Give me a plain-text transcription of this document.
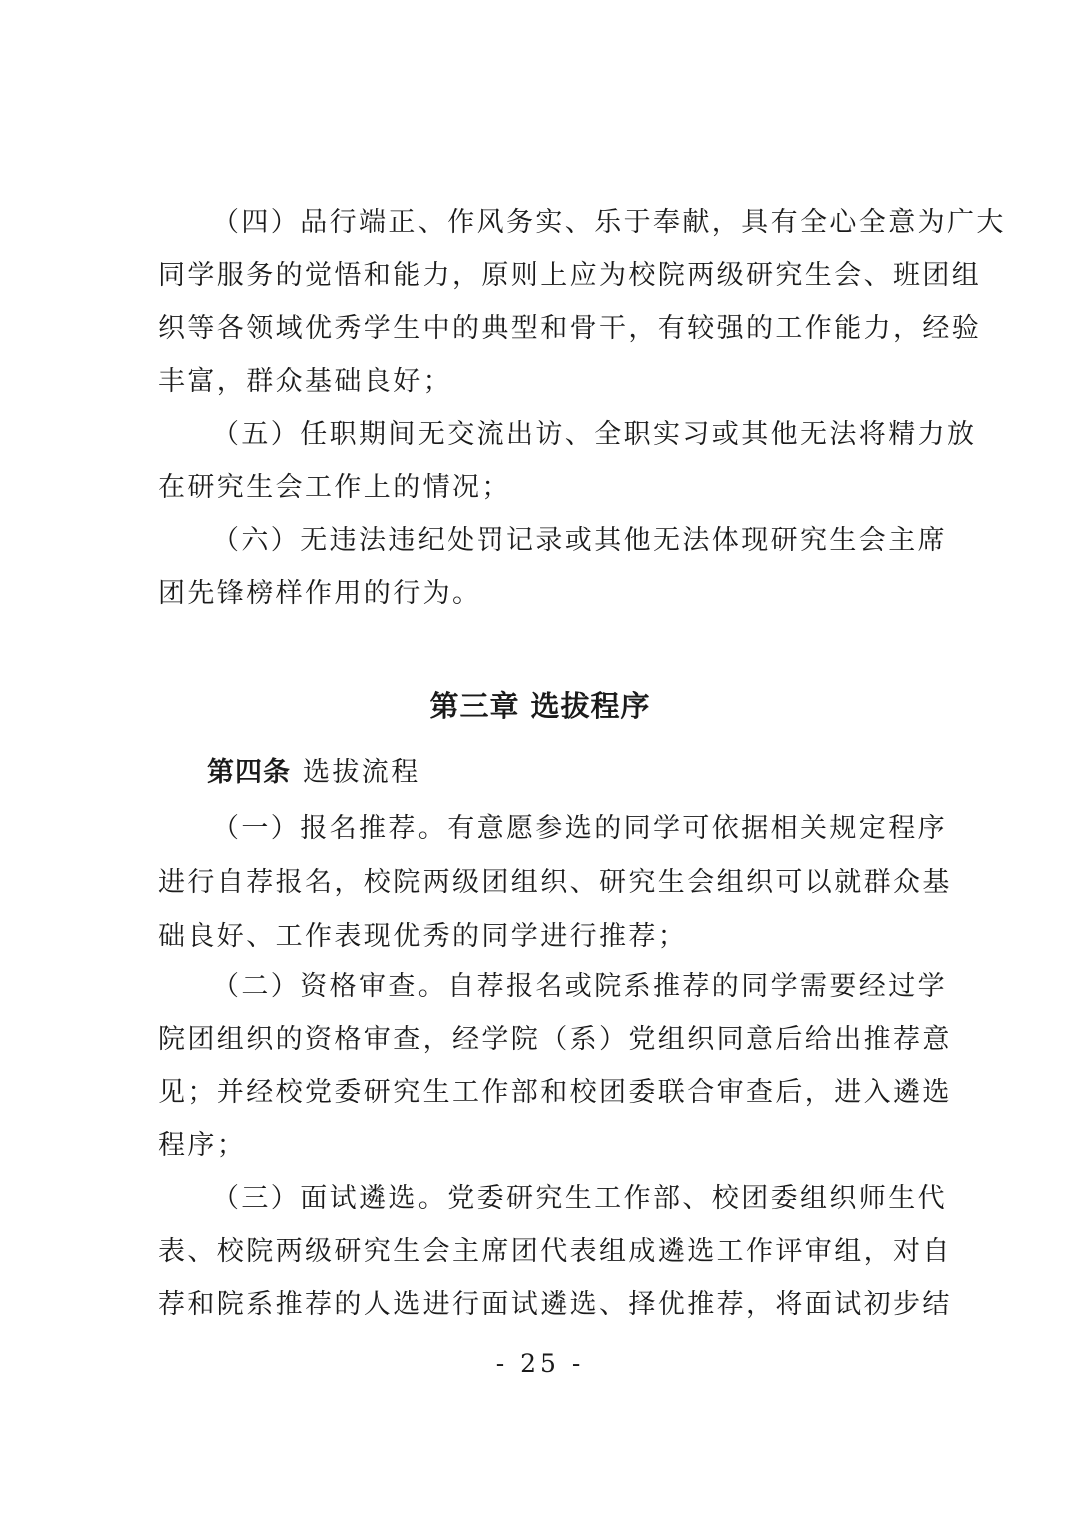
（四）品行端正、作风务实、乐于奉献，具有全心全意为广大
同学服务的觉悟和能力，原则上应为校院两级研究生会、班团组
织等各领域优秀学生中的典型和骨干，有较强的工作能力，经验
丰富，群众基础良好；
（五）任职期间无交流出访、全职实习或其他无法将精力放
在研究生会工作上的情况；
（六）无违法违纪处罚记录或其他无法体现研究生会主席
团先锋榜样作用的行为。
第三章 选拔程序
第四条 选拔流程
（一）报名推荐。有意愿参选的同学可依据相关规定程序
进行自荐报名，校院两级团组织、研究生会组织可以就群众基
础良好、工作表现优秀的同学进行推荐；
（二）资格审查。自荐报名或院系推荐的同学需要经过学
院团组织的资格审查，经学院（系）党组织同意后给出推荐意
见；并经校党委研究生工作部和校团委联合审查后，进入遴选
程序；
（三）面试遴选。党委研究生工作部、校团委组织师生代
表、校院两级研究生会主席团代表组成遴选工作评审组，对自
荐和院系推荐的人选进行面试遴选、择优推荐，将面试初步结
- 25 -
